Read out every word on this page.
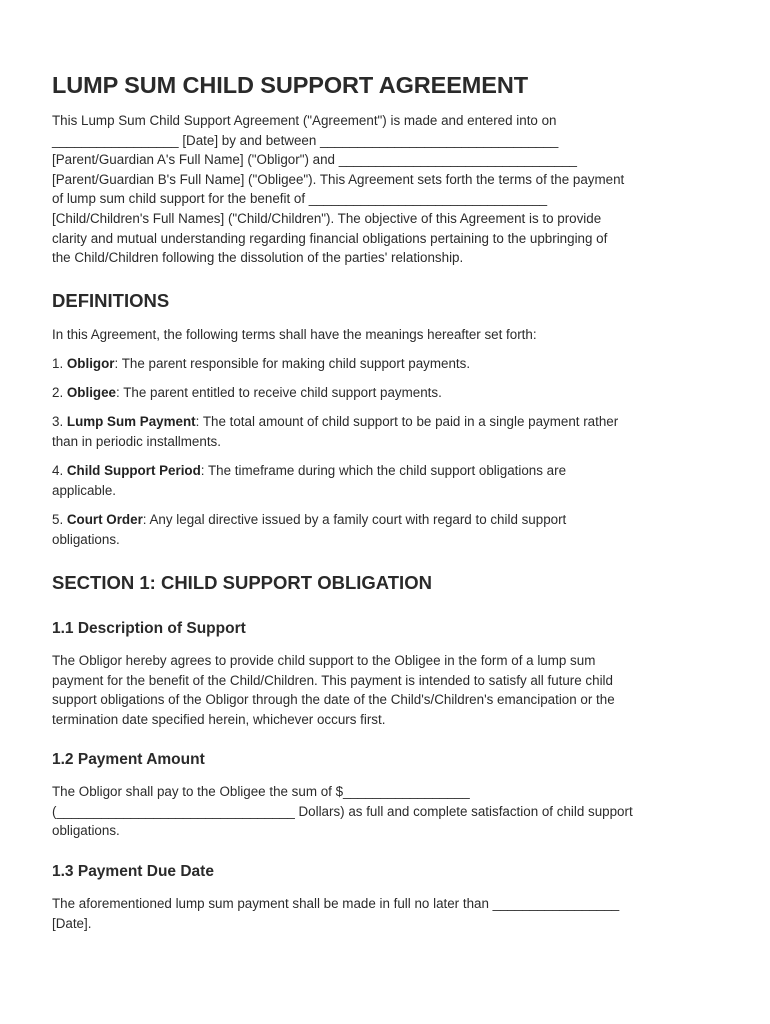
LUMP SUM CHILD SUPPORT AGREEMENT
This Lump Sum Child Support Agreement ("Agreement") is made and entered into on
_________________ [Date] by and between ________________________________
[Parent/Guardian A's Full Name] ("Obligor") and ________________________________
[Parent/Guardian B's Full Name] ("Obligee"). This Agreement sets forth the terms of the payment
of lump sum child support for the benefit of ________________________________
[Child/Children's Full Names] ("Child/Children"). The objective of this Agreement is to provide
clarity and mutual understanding regarding financial obligations pertaining to the upbringing of
the Child/Children following the dissolution of the parties' relationship.
DEFINITIONS
In this Agreement, the following terms shall have the meanings hereafter set forth:
1. Obligor: The parent responsible for making child support payments.
2. Obligee: The parent entitled to receive child support payments.
3. Lump Sum Payment: The total amount of child support to be paid in a single payment rather
than in periodic installments.
4. Child Support Period: The timeframe during which the child support obligations are
applicable.
5. Court Order: Any legal directive issued by a family court with regard to child support
obligations.
SECTION 1: CHILD SUPPORT OBLIGATION
1.1 Description of Support
The Obligor hereby agrees to provide child support to the Obligee in the form of a lump sum
payment for the benefit of the Child/Children. This payment is intended to satisfy all future child
support obligations of the Obligor through the date of the Child's/Children's emancipation or the
termination date specified herein, whichever occurs first.
1.2 Payment Amount
The Obligor shall pay to the Obligee the sum of $_________________
(________________________________ Dollars) as full and complete satisfaction of child support
obligations.
1.3 Payment Due Date
The aforementioned lump sum payment shall be made in full no later than _________________
[Date].
